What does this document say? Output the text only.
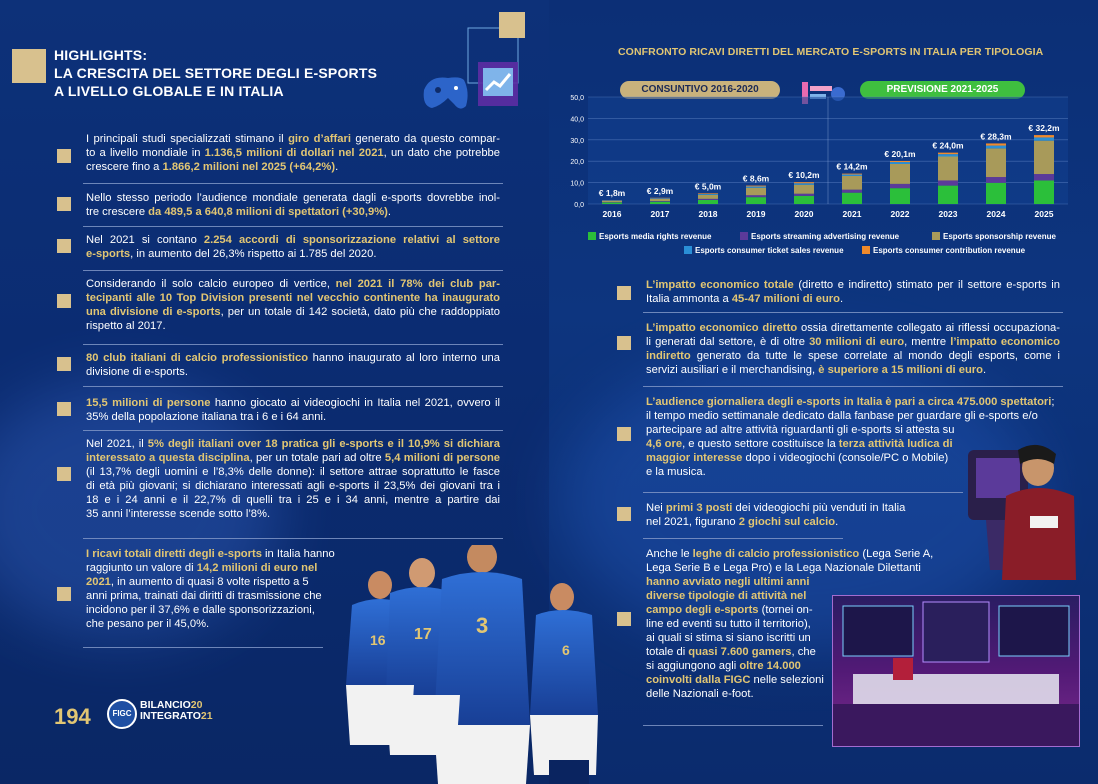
HIGHLIGHTS:
LA CRESCITA DEL SETTORE DEGLI E-SPORTS
A LIVELLO GLOBALE E IN ITALIA
I principali studi specializzati stimano il giro d’affari generato da questo compar-
to a livello mondiale in 1.136,5 milioni di dollari nel 2021, un dato che potrebbe
crescere fino a 1.866,2 milioni nel 2025 (+64,2%).
Nello stesso periodo l’audience mondiale generata dagli e-sports dovrebbe inol-
tre crescere da 489,5 a 640,8 milioni di spettatori (+30,9%).
Nel 2021 si contano 2.254 accordi di sponsorizzazione relativi al settore
e-sports, in aumento del 26,3% rispetto ai 1.785 del 2020.
Considerando il solo calcio europeo di vertice, nel 2021 il 78% dei club par-
tecipanti alle 10 Top Division presenti nel vecchio continente ha inaugurato
una divisione di e-sports, per un totale di 142 società, dato più che raddoppiato
rispetto al 2017.
80 club italiani di calcio professionistico hanno inaugurato al loro interno una
divisione di e-sports.
15,5 milioni di persone hanno giocato ai videogiochi in Italia nel 2021, ovvero il
35% della popolazione italiana tra i 6 e i 64 anni.
Nel 2021, il 5% degli italiani over 18 pratica gli e-sports e il 10,9% si dichiara
interessato a questa disciplina, per un totale pari ad oltre 5,4 milioni di persone
(il 13,7% degli uomini e l’8,3% delle donne): il settore attrae soprattutto le fasce
di età più giovani; si dichiarano interessati agli e-sports il 23,5% dei giovani tra i
18 e i 24 anni e il 22,7% di quelli tra i 25 e i 34 anni, mentre a partire dai
35 anni l’interesse scende sotto l’8%.
I ricavi totali diretti degli e-sports in Italia hanno
raggiunto un valore di 14,2 milioni di euro nel
2021, in aumento di quasi 8 volte rispetto a 5
anni prima, trainati dai diritti di trasmissione che
incidono per il 37,6% e dalle sponsorizzazioni,
che pesano per il 45,0%.
L’impatto economico totale (diretto e indiretto) stimato per il settore e-sports in
Italia ammonta a 45-47 milioni di euro.
L’impatto economico diretto ossia direttamente collegato ai riflessi occupaziona-
li generati dal settore, è di oltre 30 milioni di euro, mentre l’impatto economico
indiretto generato da tutte le spese correlate al mondo degli esports, come i
servizi ausiliari e il merchandising, è superiore a 15 milioni di euro.
L’audience giornaliera degli e-sports in Italia è pari a circa 475.000 spettatori;
il tempo medio settimanale dedicato dalla fanbase per guardare gli e-sports e/o
partecipare ad altre attività riguardanti gli e-sports si attesta su
4,6 ore, e questo settore costituisce la terza attività ludica di
maggior interesse dopo i videogiochi (console/PC o Mobile)
e la musica.
Nei primi 3 posti dei videogiochi più venduti in Italia
nel 2021, figurano 2 giochi sul calcio.
Anche le leghe di calcio professionistico (Lega Serie A,
Lega Serie B e Lega Pro) e la Lega Nazionale Dilettanti
hanno avviato negli ultimi anni
diverse tipologie di attività nel
campo degli e-sports (tornei on-
line ed eventi su tutto il territorio),
ai quali si stima si siano iscritti un
totale di quasi 7.600 gamers, che
si aggiungono agli oltre 14.000
coinvolti dalla FIGC nelle selezioni
delle Nazionali e-foot.
16 17 3
6
194	FIGC
BILANCIO20
INTEGRATO21
CONFRONTO RICAVI DIRETTI DEL MERCATO E-SPORTS IN ITALIA PER TIPOLOGIA
CONSUNTIVO 2016-2020	PREVISIONE 2021-2025
0,0
10,0
20,0
30,0
40,0
50,0
€ 1,8m
2016
€ 2,9m
2017
€ 5,0m
2018
€ 8,6m
2019
€ 10,2m
2020
€ 14,2m
2021
€ 20,1m
2022
€ 24,0m
2023
€ 28,3m
2024
€ 32,2m
2025
Esports media rights revenue	Esports streaming advertising revenue	Esports sponsorship revenue
Esports consumer ticket sales revenue	Esports consumer contribution revenue
